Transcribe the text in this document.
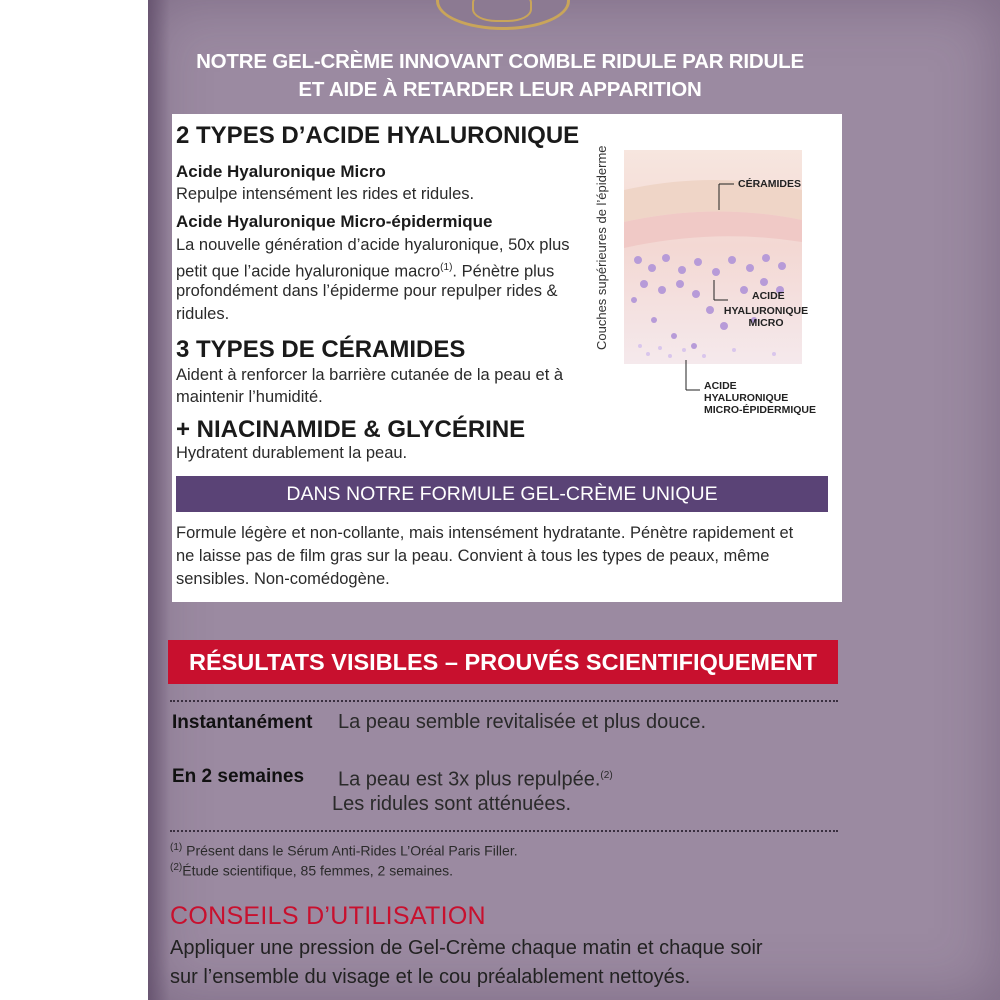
NOTRE GEL-CRÈME INNOVANT COMBLE RIDULE PAR RIDULE
ET AIDE À RETARDER LEUR APPARITION
2 TYPES D’ACIDE HYALURONIQUE
Acide Hyaluronique Micro
Repulpe intensément les rides et ridules.
Acide Hyaluronique Micro-épidermique
La nouvelle génération d’acide hyaluronique, 50x plus
petit que l’acide hyaluronique macro$^{(1)}$. Pénètre plus
profondément dans l’épiderme pour repulper rides &
ridules.
3 TYPES DE CÉRAMIDES
Aident à renforcer la barrière cutanée de la peau et à
maintenir l’humidité.
+ NIACINAMIDE & GLYCÉRINE
Hydratent durablement la peau.
Couches supérieures de l’épiderme	CÉRAMIDES
ACIDE
HYALURONIQUE
MICRO
ACIDE
HYALURONIQUE
MICRO-ÉPIDERMIQUE
DANS NOTRE FORMULE GEL-CRÈME UNIQUE
Formule légère et non-collante, mais intensément hydratante. Pénètre rapidement et
ne laisse pas de film gras sur la peau. Convient à tous les types de peaux, même
sensibles. Non-comédogène.
RÉSULTATS VISIBLES – PROUVÉS SCIENTIFIQUEMENT
Instantanément La peau semble revitalisée et plus douce.
En 2 semaines La peau est 3x plus repulpée.$^{(2)}$
Les ridules sont atténuées.
$^{(1)}$ Présent dans le Sérum Anti-Rides L’Oréal Paris Filler.
$^{(2)}$Étude scientifique, 85 femmes, 2 semaines.
CONSEILS D’UTILISATION
Appliquer une pression de Gel-Crème chaque matin et chaque soir
sur l’ensemble du visage et le cou préalablement nettoyés.
